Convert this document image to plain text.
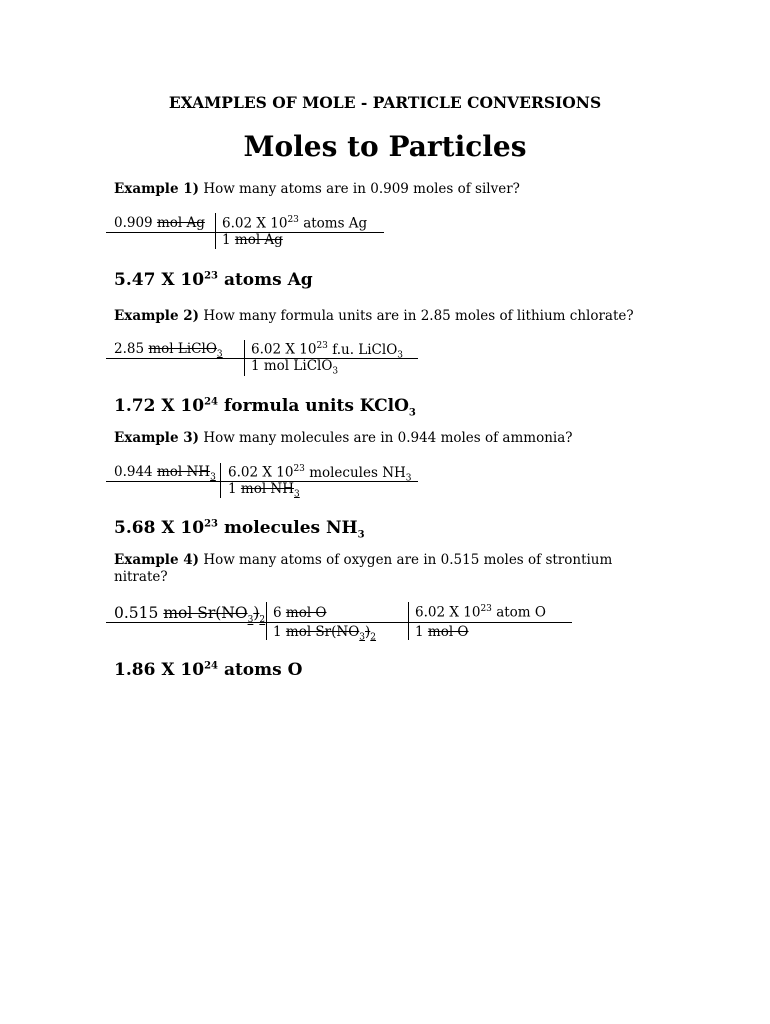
EXAMPLES OF MOLE - PARTICLE CONVERSIONS
Moles to Particles
Example 1) How many atoms are in 0.909 moles of silver?
0.909 mol Ag 6.02 X $10^{23}$ atoms Ag
1 mol Ag
5.47 X $10^{23}$ atoms Ag
Example 2) How many formula units are in 2.85 moles of lithium chlorate?
2.85 mol LiClO$_3$ 6.02 X $10^{23}$ f.u. LiClO$_3$
1 mol LiClO$_3$
1.72 X $10^{24}$ formula units KClO$_3$
Example 3) How many molecules are in 0.944 moles of ammonia?
0.944 mol $NH_3$ 6.02 X $10^{23}$ molecules $NH_3$
1 mol $NH_3$
5.68 X $10^{23}$ molecules $NH_3$
Example 4) How many atoms of oxygen are in 0.515 moles of strontium nitrate?
0.515 mol $Sr(NO_3)_2$ 6 mol O
1 mol $Sr(NO_3)_2$
6.02 X $10^{23}$ atom O
1 mol O
1.86 X $10^{24}$ atoms O
